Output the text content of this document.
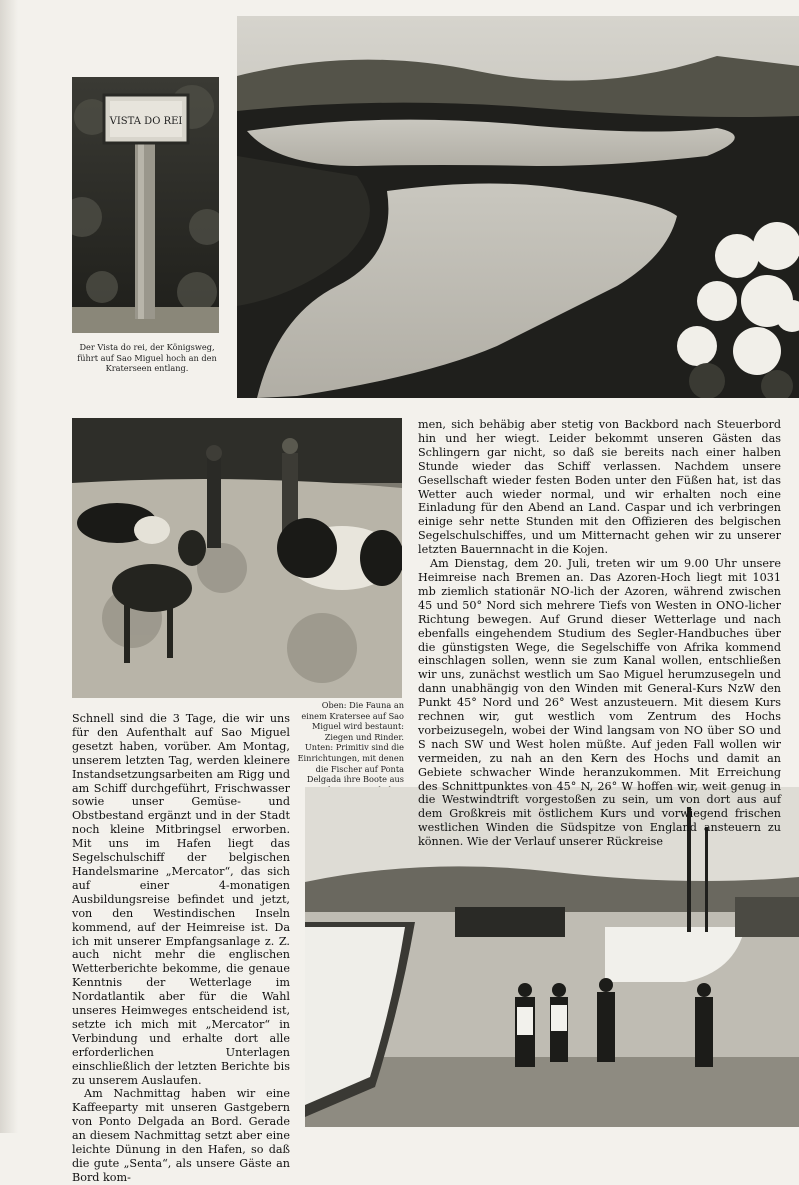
VISTA DO REI
Der Vista do rei, der Königsweg, führt auf Sao Miguel hoch an den Kraterseen entlang.
Oben: Die Fauna an einem Kratersee auf Sao Miguel wird bestaunt: Ziegen und Rinder.
Unten: Primitiv sind die Einrichtungen, mit denen die Fischer auf Ponta Delgada ihre Boote aus

Schnell sind die 3 Tage, die wir uns für den Aufenthalt auf Sao Miguel gesetzt haben, vorüber. Am Montag, unserem letzten Tag, werden kleinere Instandsetzungsarbeiten am Rigg und am Schiff durchgeführt, Frischwasser sowie unser Gemüse- und Obstbestand ergänzt und in der Stadt noch kleine Mitbringsel erworben. Mit uns im Hafen liegt das Segelschulschiff der belgischen Handelsmarine „Mercator“, das sich auf einer 4-monatigen Ausbildungsreise befindet und jetzt, von den Westindischen Inseln kommend, auf der Heimreise ist. Da ich mit unserer Empfangsanlage z. Z. auch nicht mehr die englischen Wetterberichte bekomme, die genaue Kenntnis der Wetterlage im Nordatlantik aber für die Wahl unseres Heimweges entscheidend ist, setzte ich mich mit „Mercator“ in Verbindung und erhalte dort alle erforderlichen Unterlagen einschließlich der letzten Berichte bis zu unserem Auslaufen.

Am Nachmittag haben wir eine Kaffeeparty mit unseren Gastgebern von Ponto Delgada an Bord. Gerade an diesem Nachmittag setzt aber eine leichte Dünung in den Hafen, so daß die gute „Senta“, als unsere Gäste an Bord kom-

men, sich behäbig aber stetig von Backbord nach Steuerbord hin und her wiegt. Leider bekommt unseren Gästen das Schlingern gar nicht, so daß sie bereits nach einer halben Stunde wieder das Schiff verlassen. Nachdem unsere Gesellschaft wieder festen Boden unter den Füßen hat, ist das Wetter auch wieder normal, und wir erhalten noch eine Einladung für den Abend an Land. Caspar und ich verbringen einige sehr nette Stunden mit den Offizieren des belgischen Segelschulschiffes, und um Mitternacht gehen wir zu unserer letzten Bauernnacht in die Kojen.

Am Dienstag, dem 20. Juli, treten wir um 9.00 Uhr unsere Heimreise nach Bremen an. Das Azoren-Hoch liegt mit 1031 mb ziemlich stationär NO-lich der Azoren, während zwischen 45 und 50° Nord sich mehrere Tiefs von Westen in ONO-licher Richtung bewegen. Auf Grund dieser Wetterlage und nach ebenfalls eingehendem Studium des Segler-Handbuches über die günstigsten Wege, die Segelschiffe von Afrika kommend einschlagen sollen, wenn sie zum Kanal wollen, entschließen wir uns, zunächst westlich um Sao Miguel herumzusegeln und dann unabhängig von den Winden mit General-Kurs NzW den Punkt 45° Nord und 26° West anzusteuern. Mit diesem Kurs rechnen wir, gut westlich vom Zentrum des Hochs vorbeizusegeln, wobei der Wind langsam von NO über SO und S nach SW und West holen müßte. Auf jeden Fall wollen wir vermeiden, zu nah an den Kern des Hochs und damit an Gebiete schwacher Winde heranzukommen. Mit Erreichung des Schnittpunktes von 45° N, 26° W hoffen wir, weit genug in die Westwindtrift vorgestoßen zu sein, um von dort aus auf dem Großkreis mit östlichem Kurs und vorwiegend frischen westlichen Winden die Südspitze von England ansteuern zu können. Wie der Verlauf unserer Rückreise
